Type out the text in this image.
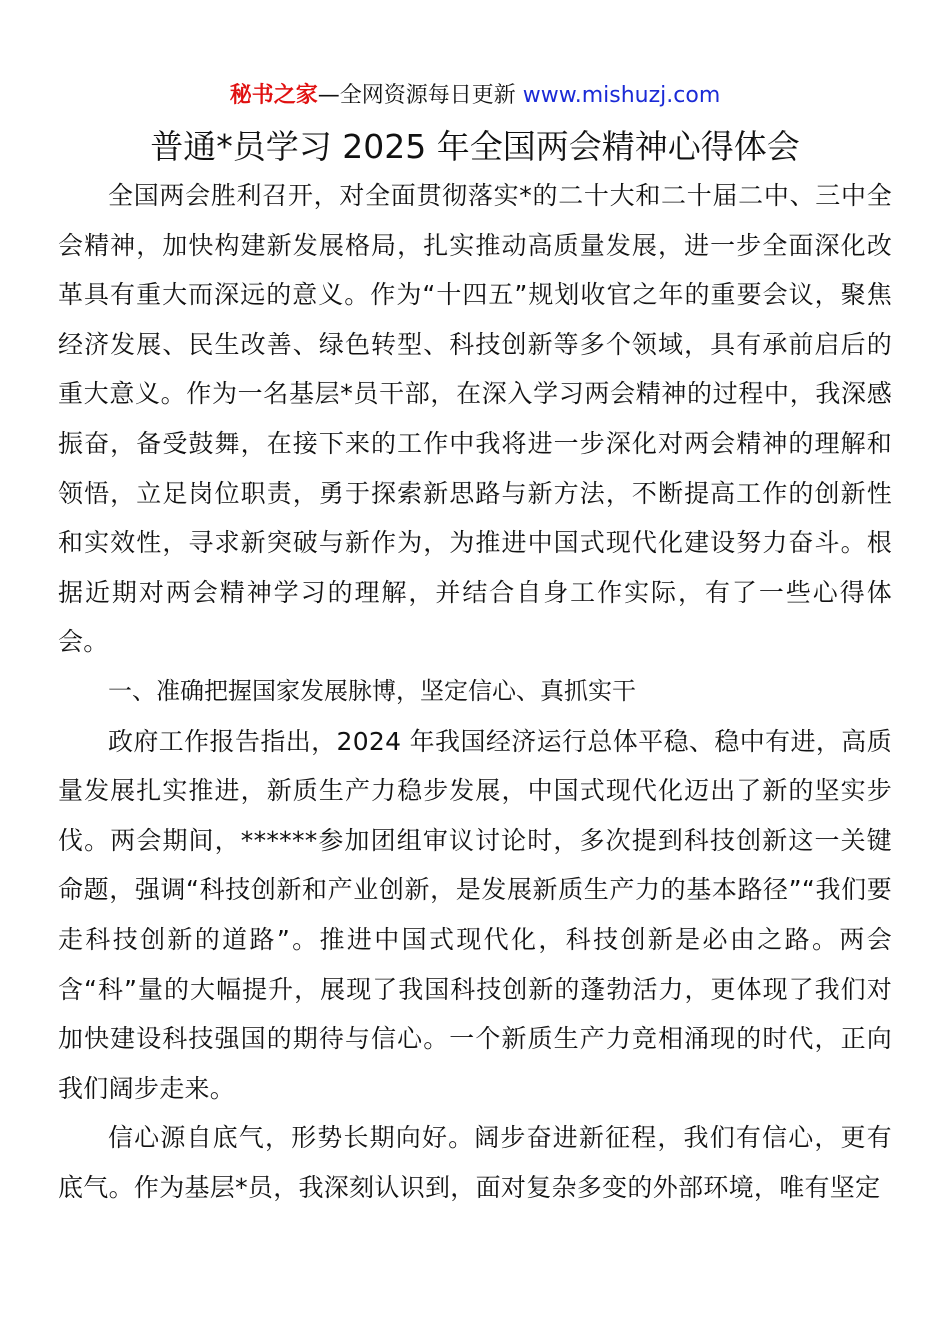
秘书之家—全网资源每日更新 www.mishuzj.com
普通*员学习 2025 年全国两会精神心得体会

全国两会胜利召开，对全面贯彻落实*的二十大和二十届二中、三中全会精神，加快构建新发展格局，扎实推动高质量发展，进一步全面深化改革具有重大而深远的意义。作为“十四五”规划收官之年的重要会议，聚焦经济发展、民生改善、绿色转型、科技创新等多个领域，具有承前启后的重大意义。作为一名基层*员干部，在深入学习两会精神的过程中，我深感振奋，备受鼓舞，在接下来的工作中我将进一步深化对两会精神的理解和领悟，立足岗位职责，勇于探索新思路与新方法，不断提高工作的创新性和实效性，寻求新突破与新作为，为推进中国式现代化建设努力奋斗。根据近期对两会精神学习的理解，并结合自身工作实际，有了一些心得体会。

一、准确把握国家发展脉博，坚定信心、真抓实干

政府工作报告指出，2024 年我国经济运行总体平稳、稳中有进，高质量发展扎实推进，新质生产力稳步发展，中国式现代化迈出了新的坚实步伐。两会期间，******参加团组审议讨论时，多次提到科技创新这一关键命题，强调“科技创新和产业创新，是发展新质生产力的基本路径”“我们要走科技创新的道路”。推进中国式现代化，科技创新是必由之路。两会含“科”量的大幅提升，展现了我国科技创新的蓬勃活力，更体现了我们对加快建设科技强国的期待与信心。一个新质生产力竞相涌现的时代，正向我们阔步走来。

信心源自底气，形势长期向好。阔步奋进新征程，我们有信心，更有底气。作为基层*员，我深刻认识到，面对复杂多变的外部环境，唯有坚定
